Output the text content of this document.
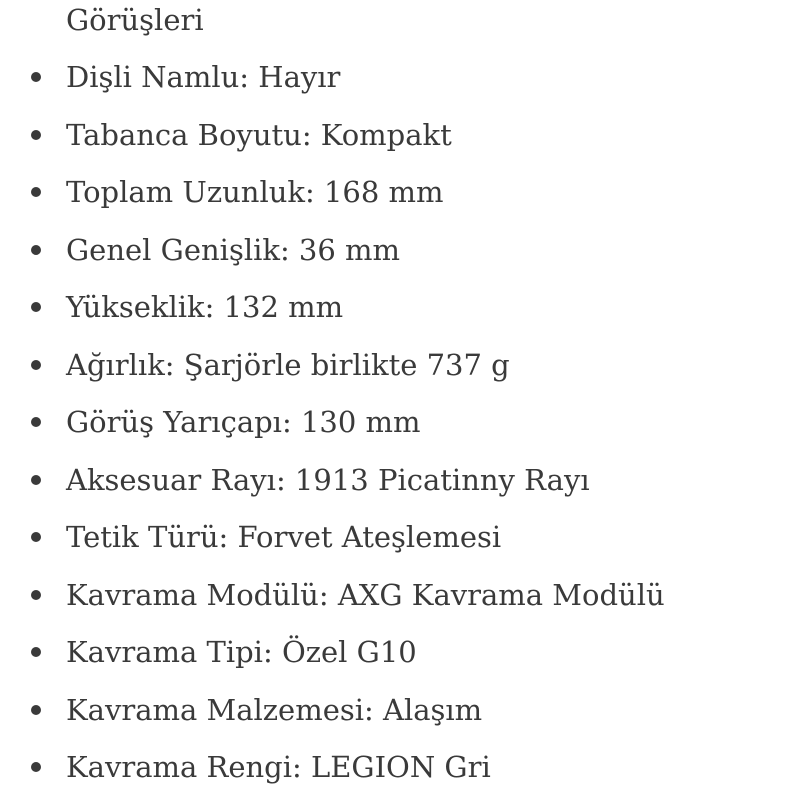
Görüşleri
Dişli Namlu: Hayır
Tabanca Boyutu: Kompakt
Toplam Uzunluk: 168 mm
Genel Genişlik: 36 mm
Yükseklik: 132 mm
Ağırlık: Şarjörle birlikte 737 g
Görüş Yarıçapı: 130 mm
Aksesuar Rayı: 1913 Picatinny Rayı
Tetik Türü: Forvet Ateşlemesi
Kavrama Modülü: AXG Kavrama Modülü
Kavrama Tipi: Özel G10
Kavrama Malzemesi: Alaşım
Kavrama Rengi: LEGION Gri
